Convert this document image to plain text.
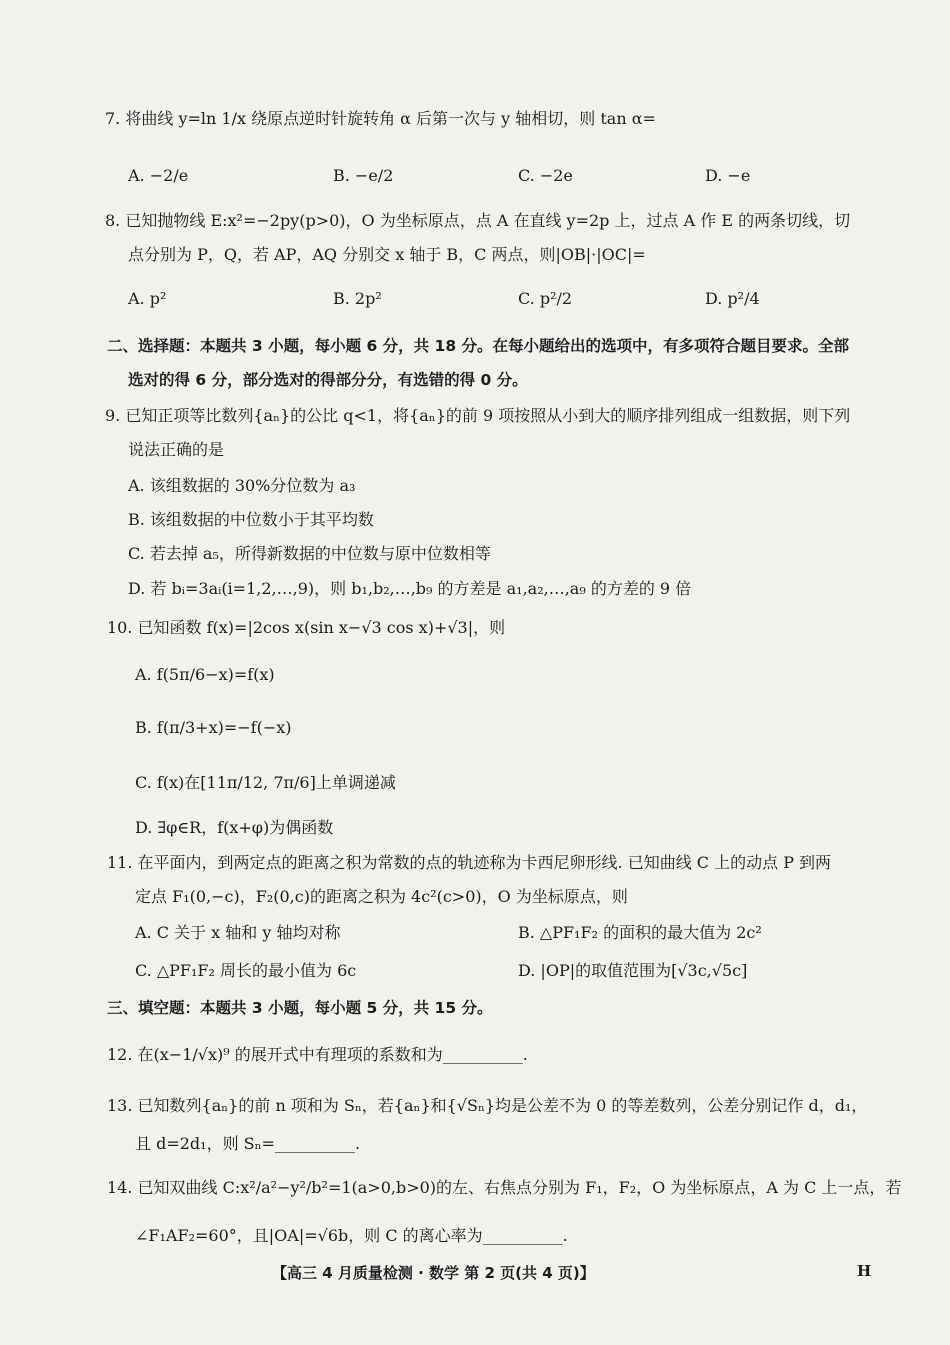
7. 将曲线 y=ln 1/x 绕原点逆时针旋转角 α 后第一次与 y 轴相切，则 tan α=
A. −2/e	B. −e/2	C. −2e	D. −e
8. 已知抛物线 E:x²=−2py(p>0)，O 为坐标原点，点 A 在直线 y=2p 上，过点 A 作 E 的两条切线，切
点分别为 P，Q，若 AP，AQ 分别交 x 轴于 B，C 两点，则|OB|·|OC|=
A. p²	B. 2p²	C. p²/2	D. p²/4
二、选择题：本题共 3 小题，每小题 6 分，共 18 分。在每小题给出的选项中，有多项符合题目要求。全部
选对的得 6 分，部分选对的得部分分，有选错的得 0 分。
9. 已知正项等比数列{aₙ}的公比 q<1，将{aₙ}的前 9 项按照从小到大的顺序排列组成一组数据，则下列
说法正确的是
A. 该组数据的 30%分位数为 a₃
B. 该组数据的中位数小于其平均数
C. 若去掉 a₅，所得新数据的中位数与原中位数相等
D. 若 bᵢ=3aᵢ(i=1,2,…,9)，则 b₁,b₂,…,b₉ 的方差是 a₁,a₂,…,a₉ 的方差的 9 倍
10. 已知函数 f(x)=|2cos x(sin x−√3 cos x)+√3|，则
A. f(5π/6−x)=f(x)
B. f(π/3+x)=−f(−x)
C. f(x)在[11π/12, 7π/6]上单调递减
D. ∃φ∈R，f(x+φ)为偶函数
11. 在平面内，到两定点的距离之积为常数的点的轨迹称为卡西尼卵形线. 已知曲线 C 上的动点 P 到两
定点 F₁(0,−c)，F₂(0,c)的距离之积为 4c²(c>0)，O 为坐标原点，则
A. C 关于 x 轴和 y 轴均对称	B. △PF₁F₂ 的面积的最大值为 2c²
C. △PF₁F₂ 周长的最小值为 6c	D. |OP|的取值范围为[√3c,√5c]
三、填空题：本题共 3 小题，每小题 5 分，共 15 分。
12. 在(x−1/√x)⁹ 的展开式中有理项的系数和为__________.
13. 已知数列{aₙ}的前 n 项和为 Sₙ，若{aₙ}和{√Sₙ}均是公差不为 0 的等差数列，公差分别记作 d，d₁，
且 d=2d₁，则 Sₙ=__________.
14. 已知双曲线 C:x²/a²−y²/b²=1(a>0,b>0)的左、右焦点分别为 F₁，F₂，O 为坐标原点，A 为 C 上一点，若
∠F₁AF₂=60°，且|OA|=√6b，则 C 的离心率为__________.
【高三 4 月质量检测 · 数学 第 2 页(共 4 页)】	H
